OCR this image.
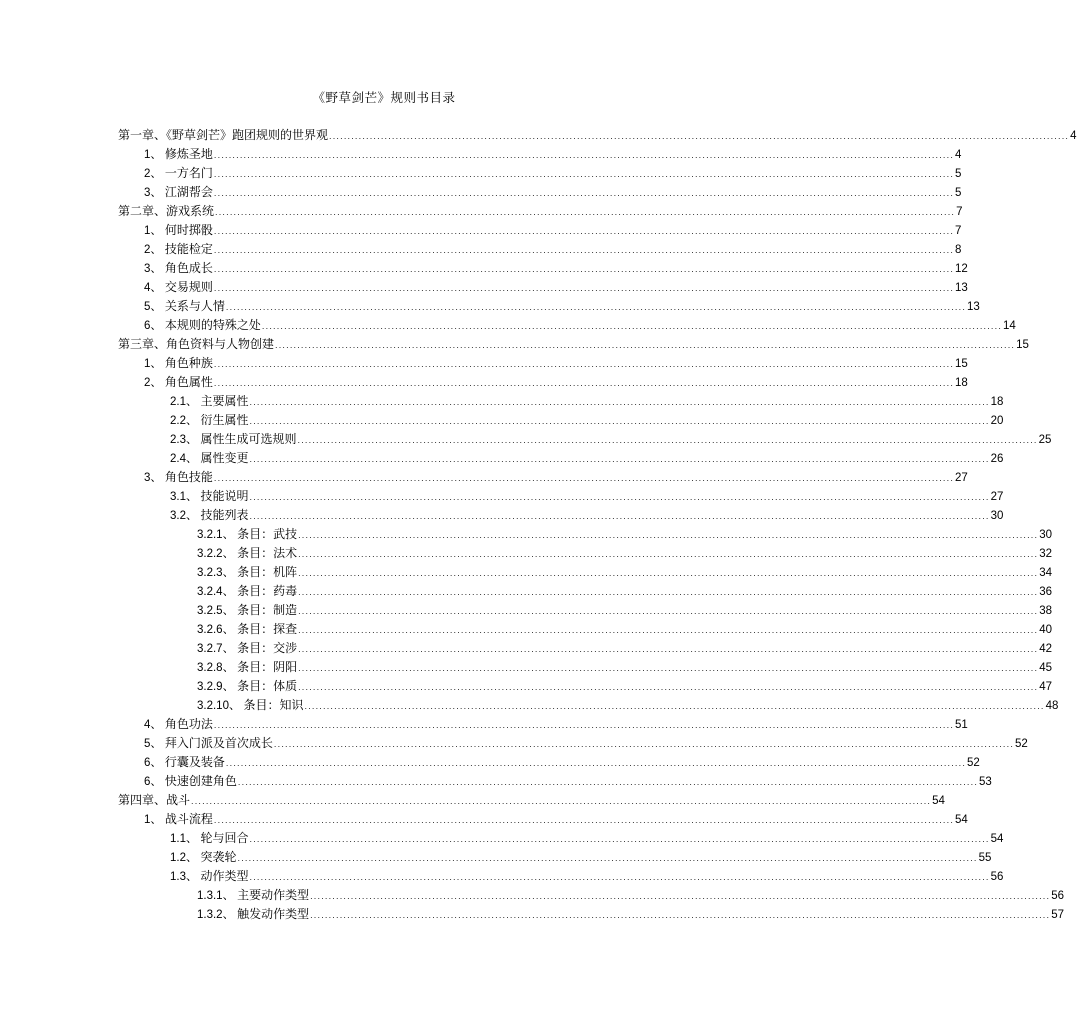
《野草剑芒》规则书目录
第一章、《野草剑芒》跑团规则的世界观 ........................................................................................................................................................................................................ 4
1、 修炼圣地 ........................................................................................................................................................................................................ 4
2、 一方名门 ........................................................................................................................................................................................................ 5
3、 江湖帮会 ........................................................................................................................................................................................................ 5
第二章、游戏系统 ........................................................................................................................................................................................................ 7
1、 何时掷骰 ........................................................................................................................................................................................................ 7
2、 技能检定 ........................................................................................................................................................................................................ 8
3、 角色成长 ........................................................................................................................................................................................................ 12
4、 交易规则 ........................................................................................................................................................................................................ 13
5、 关系与人情 ........................................................................................................................................................................................................ 13
6、 本规则的特殊之处 ........................................................................................................................................................................................................ 14
第三章、角色资料与人物创建 ........................................................................................................................................................................................................ 15
1、 角色种族 ........................................................................................................................................................................................................ 15
2、 角色属性 ........................................................................................................................................................................................................ 18
2.1、 主要属性 ........................................................................................................................................................................................................ 18
2.2、 衍生属性 ........................................................................................................................................................................................................ 20
2.3、 属性生成可选规则 ........................................................................................................................................................................................................ 25
2.4、 属性变更 ........................................................................................................................................................................................................ 26
3、 角色技能 ........................................................................................................................................................................................................ 27
3.1、 技能说明 ........................................................................................................................................................................................................ 27
3.2、 技能列表 ........................................................................................................................................................................................................ 30
3.2.1、 条目：武技 ........................................................................................................................................................................................................ 30
3.2.2、 条目：法术 ........................................................................................................................................................................................................ 32
3.2.3、 条目：机阵 ........................................................................................................................................................................................................ 34
3.2.4、 条目：药毒 ........................................................................................................................................................................................................ 36
3.2.5、 条目：制造 ........................................................................................................................................................................................................ 38
3.2.6、 条目：探查 ........................................................................................................................................................................................................ 40
3.2.7、 条目：交涉 ........................................................................................................................................................................................................ 42
3.2.8、 条目：阴阳 ........................................................................................................................................................................................................ 45
3.2.9、 条目：体质 ........................................................................................................................................................................................................ 47
3.2.10、 条目：知识 ........................................................................................................................................................................................................ 48
4、 角色功法 ........................................................................................................................................................................................................ 51
5、 拜入门派及首次成长 ........................................................................................................................................................................................................ 52
6、 行囊及装备 ........................................................................................................................................................................................................ 52
6、 快速创建角色 ........................................................................................................................................................................................................ 53
第四章、战斗 ........................................................................................................................................................................................................ 54
1、 战斗流程 ........................................................................................................................................................................................................ 54
1.1、 轮与回合 ........................................................................................................................................................................................................ 54
1.2、 突袭轮 ........................................................................................................................................................................................................ 55
1.3、 动作类型 ........................................................................................................................................................................................................ 56
1.3.1、 主要动作类型 ........................................................................................................................................................................................................ 56
1.3.2、 触发动作类型 ........................................................................................................................................................................................................ 57
